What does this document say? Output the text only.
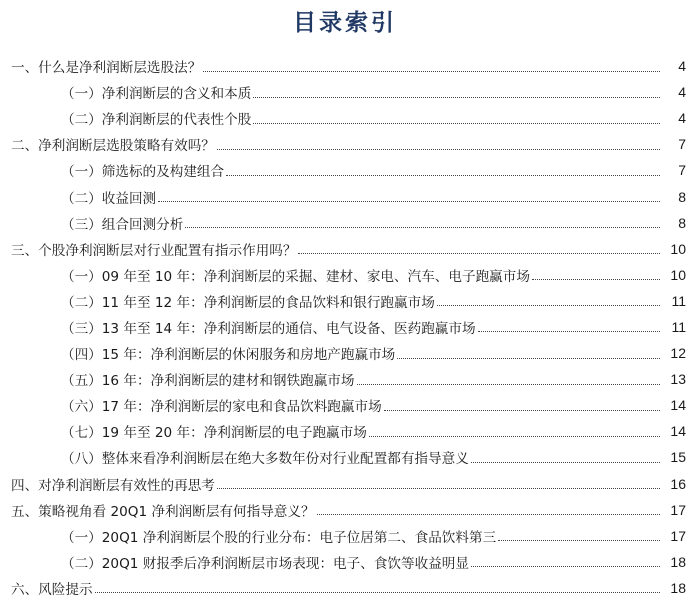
目录索引
一、什么是净利润断层选股法？	4
（一）净利润断层的含义和本质	4
（二）净利润断层的代表性个股	4
二、净利润断层选股策略有效吗？	7
（一）筛选标的及构建组合	7
（二）收益回测	8
（三）组合回测分析	8
三、个股净利润断层对行业配置有指示作用吗？	10
（一）09 年至 10 年：净利润断层的采掘、建材、家电、汽车、电子跑赢市场	10
（二）11 年至 12 年：净利润断层的食品饮料和银行跑赢市场	11
（三）13 年至 14 年：净利润断层的通信、电气设备、医药跑赢市场	11
（四）15 年：净利润断层的休闲服务和房地产跑赢市场	12
（五）16 年：净利润断层的建材和钢铁跑赢市场	13
（六）17 年：净利润断层的家电和食品饮料跑赢市场	14
（七）19 年至 20 年：净利润断层的电子跑赢市场	14
（八）整体来看净利润断层在绝大多数年份对行业配置都有指导意义	15
四、对净利润断层有效性的再思考	16
五、策略视角看 20Q1 净利润断层有何指导意义？	17
（一）20Q1 净利润断层个股的行业分布：电子位居第二、食品饮料第三	17
（二）20Q1 财报季后净利润断层市场表现：电子、食饮等收益明显	18
六、风险提示	18
